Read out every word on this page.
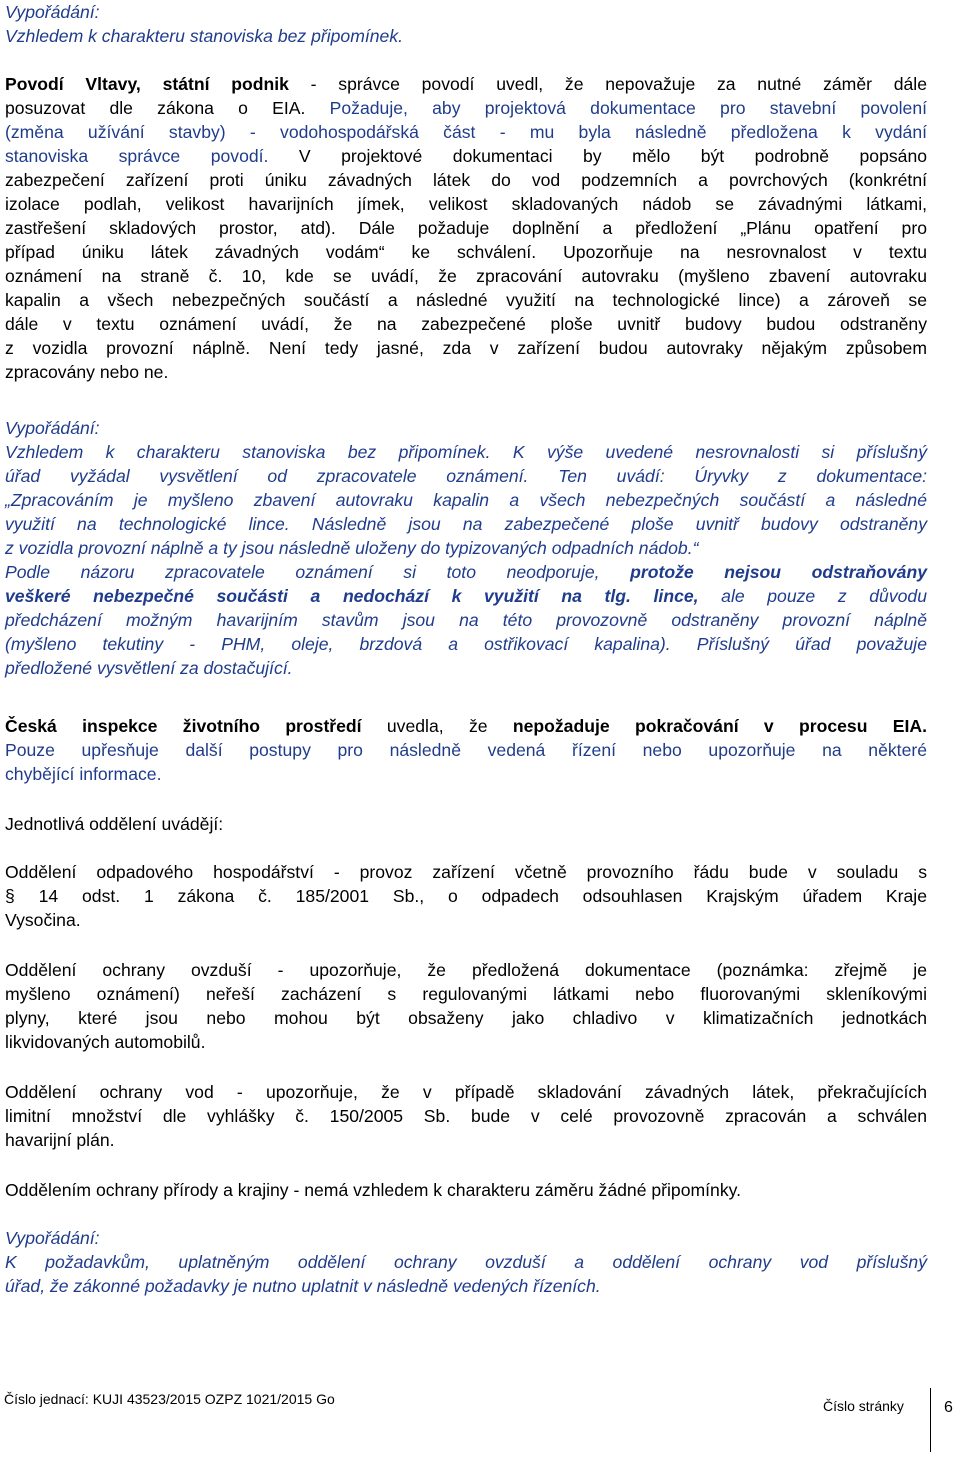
Vypořádání:
Vzhledem k charakteru stanoviska bez připomínek.
Povodí Vltavy, státní podnik - správce povodí uvedl, že nepovažuje za nutné záměr dále
posuzovat dle zákona o EIA. Požaduje, aby projektová dokumentace pro stavební povolení
(změna užívání stavby) - vodohospodářská část - mu byla následně předložena k vydání
stanoviska správce povodí. V projektové dokumentaci by mělo být podrobně popsáno
zabezpečení zařízení proti úniku závadných látek do vod podzemních a povrchových (konkrétní
izolace podlah, velikost havarijních jímek, velikost skladovaných nádob se závadnými látkami,
zastřešení skladových prostor, atd). Dále požaduje doplnění a předložení „Plánu opatření pro
případ úniku látek závadných vodám“ ke schválení. Upozorňuje na nesrovnalost v textu
oznámení na straně č. 10, kde se uvádí, že zpracování autovraku (myšleno zbavení autovraku
kapalin a všech nebezpečných součástí a následné využití na technologické lince) a zároveň se
dále v textu oznámení uvádí, že na zabezpečené ploše uvnitř budovy budou odstraněny
z vozidla provozní náplně. Není tedy jasné, zda v zařízení budou autovraky nějakým způsobem
zpracovány nebo ne.
Vypořádání:
Vzhledem k charakteru stanoviska bez připomínek. K výše uvedené nesrovnalosti si příslušný
úřad vyžádal vysvětlení od zpracovatele oznámení. Ten uvádí: Úryvky z dokumentace:
„Zpracováním je myšleno zbavení autovraku kapalin a všech nebezpečných součástí a následné
využití na technologické lince. Následně jsou na zabezpečené ploše uvnitř budovy odstraněny
z vozidla provozní náplně a ty jsou následně uloženy do typizovaných odpadních nádob.“
Podle názoru zpracovatele oznámení si toto neodporuje, protože nejsou odstraňovány
veškeré nebezpečné součásti a nedochází k využití na tlg. lince, ale pouze z důvodu
předcházení možným havarijním stavům jsou na této provozovně odstraněny provozní náplně
(myšleno tekutiny - PHM, oleje, brzdová a ostřikovací kapalina). Příslušný úřad považuje
předložené vysvětlení za dostačující.
Česká inspekce životního prostředí uvedla, že nepožaduje pokračování v procesu EIA.
Pouze upřesňuje další postupy pro následně vedená řízení nebo upozorňuje na některé
chybějící informace.
Jednotlivá oddělení uvádějí:
Oddělení odpadového hospodářství - provoz zařízení včetně provozního řádu bude v souladu s
§ 14 odst. 1 zákona č. 185/2001 Sb., o odpadech odsouhlasen Krajským úřadem Kraje
Vysočina.
Oddělení ochrany ovzduší - upozorňuje, že předložená dokumentace (poznámka: zřejmě je
myšleno oznámení) neřeší zacházení s regulovanými látkami nebo fluorovanými skleníkovými
plyny, které jsou nebo mohou být obsaženy jako chladivo v klimatizačních jednotkách
likvidovaných automobilů.
Oddělení ochrany vod - upozorňuje, že v případě skladování závadných látek, překračujících
limitní množství dle vyhlášky č. 150/2005 Sb. bude v celé provozovně zpracován a schválen
havarijní plán.
Oddělením ochrany přírody a krajiny - nemá vzhledem k charakteru záměru žádné připomínky.
Vypořádání:
K požadavkům, uplatněným oddělení ochrany ovzduší a oddělení ochrany vod příslušný
úřad, že zákonné požadavky je nutno uplatnit v následně vedených řízeních.
Číslo jednací: KUJI 43523/2015 OZPZ 1021/2015 Go	Číslo stránky	6
